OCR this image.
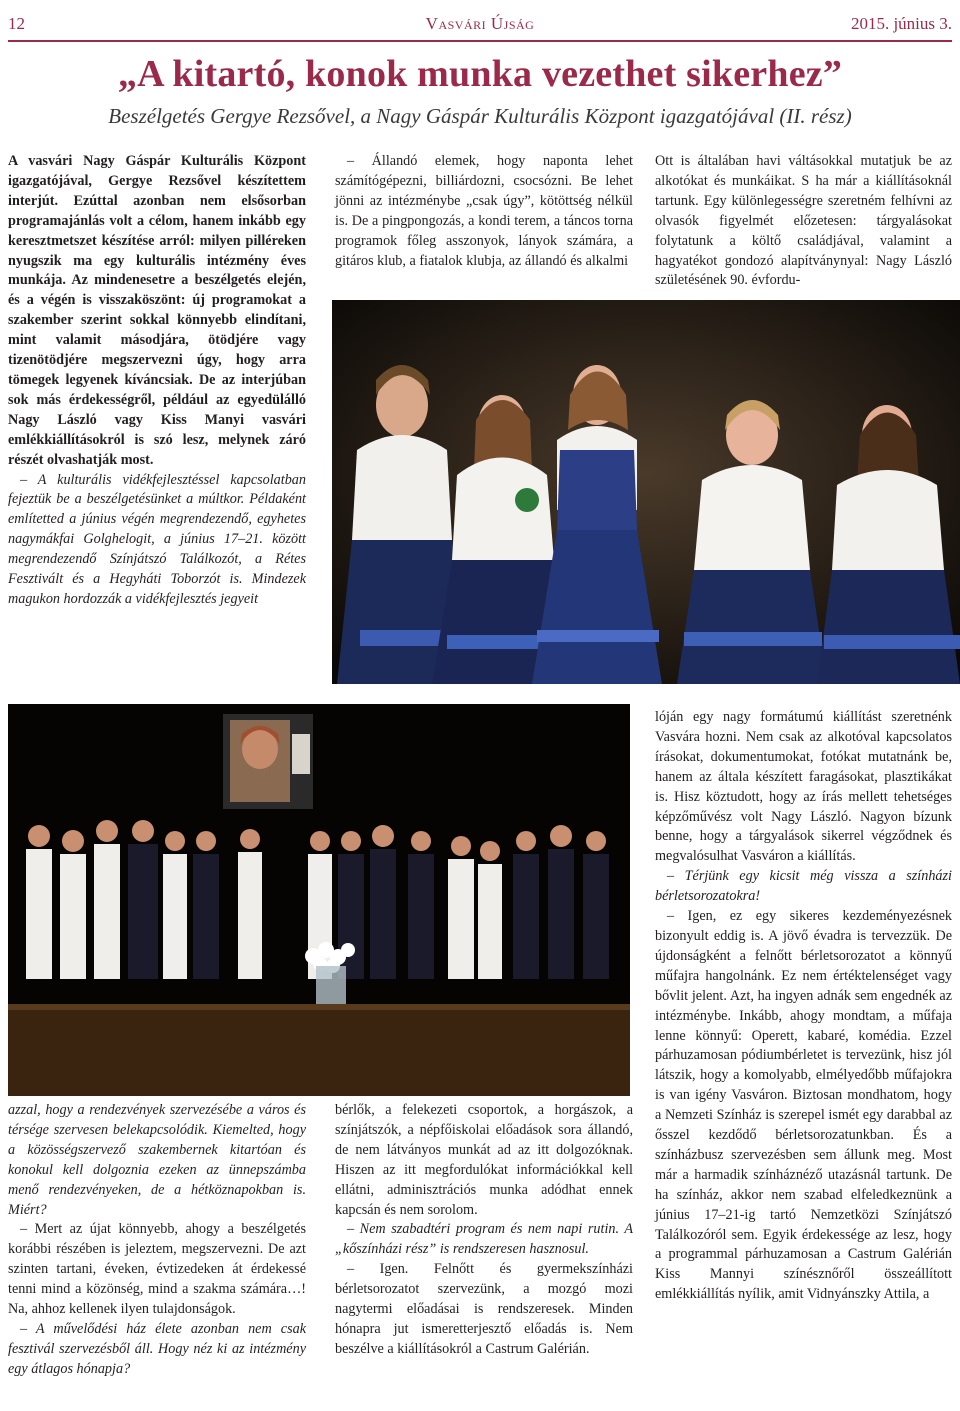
12	Vasvári Újság	2015. június 3.
„A kitartó, konok munka vezethet sikerhez”
Beszélgetés Gergye Rezsővel, a Nagy Gáspár Kulturális Központ igazgatójával (II. rész)

A vasvári Nagy Gáspár Kulturális Központ igazgatójával, Gergye Rezsővel készítettem interjút. Ezúttal azonban nem elsősorban programajánlás volt a célom, hanem inkább egy keresztmetszet készítése arról: milyen pilléreken nyugszik ma egy kulturális intézmény éves munkája. Az mindenesetre a beszélgetés elején, és a végén is visszaköszönt: új programokat a szakember szerint sokkal könnyebb elindítani, mint valamit másodjára, ötödjére vagy tizenötödjére megszervezni úgy, hogy arra tömegek legyenek kíváncsiak. De az interjúban sok más érdekességről, például az egyedülálló Nagy László vagy Kiss Manyi vasvári emlékkiállításokról is szó lesz, melynek záró részét olvashatják most.

– A kulturális vidékfejlesztéssel kapcsolatban fejeztük be a beszélgetésünket a múltkor. Példaként említetted a június végén megrendezendő, egyhetes nagymákfai Golghelogit, a június 17–21. között megrendezendő Színjátszó Találkozót, a Rétes Fesztivált és a Hegyháti Toborzót is. Mindezek magukon hordozzák a vidékfejlesztés jegyeit

– Állandó elemek, hogy naponta lehet számítógépezni, billiárdozni, csocsózni. Be lehet jönni az intézménybe „csak úgy”, kötöttség nélkül is. De a pingpongozás, a kondi terem, a táncos torna programok főleg asszonyok, lányok számára, a gitáros klub, a fiatalok klubja, az állandó és alkalmi

Ott is általában havi váltásokkal mutatjuk be az alkotókat és munkáikat. S ha már a kiállításoknál tartunk. Egy különlegességre szeretném felhívni az olvasók figyelmét előzetesen: tárgyalásokat folytatunk a költő családjával, valamint a hagyatékot gondozó alapítványnyal: Nagy László születésének 90. évfordu-

azzal, hogy a rendezvények szervezésébe a város és térsége szervesen belekapcsolódik. Kiemelted, hogy a közösségszervező szakembernek kitartóan és konokul kell dolgoznia ezeken az ünnepszámba menő rendezvényeken, de a hétköznapokban is. Miért?

– Mert az újat könnyebb, ahogy a beszélgetés korábbi részében is jeleztem, megszervezni. De azt szinten tartani, éveken, évtizedeken át érdekessé tenni mind a közönség, mind a szakma számára…! Na, ahhoz kellenek ilyen tulajdonságok.

– A művelődési ház élete azonban nem csak fesztivál szervezésből áll. Hogy néz ki az intézmény egy átlagos hónapja?

bérlők, a felekezeti csoportok, a horgászok, a színjátszók, a népfőiskolai előadások sora állandó, de nem látványos munkát ad az itt dolgozóknak. Hiszen az itt megfordulókat információkkal kell ellátni, adminisztrációs munka adódhat ennek kapcsán és nem sorolom.

– Nem szabadtéri program és nem napi rutin. A „kőszínházi rész” is rendszeresen hasznosul.

– Igen. Felnőtt és gyermekszínházi bérletsorozatot szervezünk, a mozgó mozi nagytermi előadásai is rendszeresek. Minden hónapra jut ismeretterjesztő előadás is. Nem beszélve a kiállításokról a Castrum Galérián.

lóján egy nagy formátumú kiállítást szeretnénk Vasvára hozni. Nem csak az alkotóval kapcsolatos írásokat, dokumentumokat, fotókat mutatnánk be, hanem az általa készített faragásokat, plasztikákat is. Hisz köztudott, hogy az írás mellett tehetséges képzőművész volt Nagy László. Nagyon bízunk benne, hogy a tárgyalások sikerrel végződnek és megvalósulhat Vasváron a kiállítás.

– Térjünk egy kicsit még vissza a színházi bérletsorozatokra!

– Igen, ez egy sikeres kezdeményezésnek bizonyult eddig is. A jövő évadra is tervezzük. De újdonságként a felnőtt bérletsorozatot a könnyű műfajra hangolnánk. Ez nem értéktelenséget vagy bővlit jelent. Azt, ha ingyen adnák sem engednék az intézménybe. Inkább, ahogy mondtam, a műfaja lenne könnyű: Operett, kabaré, komédia. Ezzel párhuzamosan pódiumbérletet is tervezünk, hisz jól látszik, hogy a komolyabb, elmélyedőbb műfajokra is van igény Vasváron. Biztosan mondhatom, hogy a Nemzeti Színház is szerepel ismét egy darabbal az ősszel kezdődő bérletsorozatunkban. És a színházbusz szervezésben sem állunk meg. Most már a harmadik színháznéző utazásnál tartunk. De ha színház, akkor nem szabad elfeledkeznünk a június 17–21-ig tartó Nemzetközi Színjátszó Találkozóról sem. Egyik érdekessége az lesz, hogy a programmal párhuzamosan a Castrum Galérián Kiss Mannyi színésznőről összeállított emlékkiállítás nyílik, amit Vidnyánszky Attila, a
